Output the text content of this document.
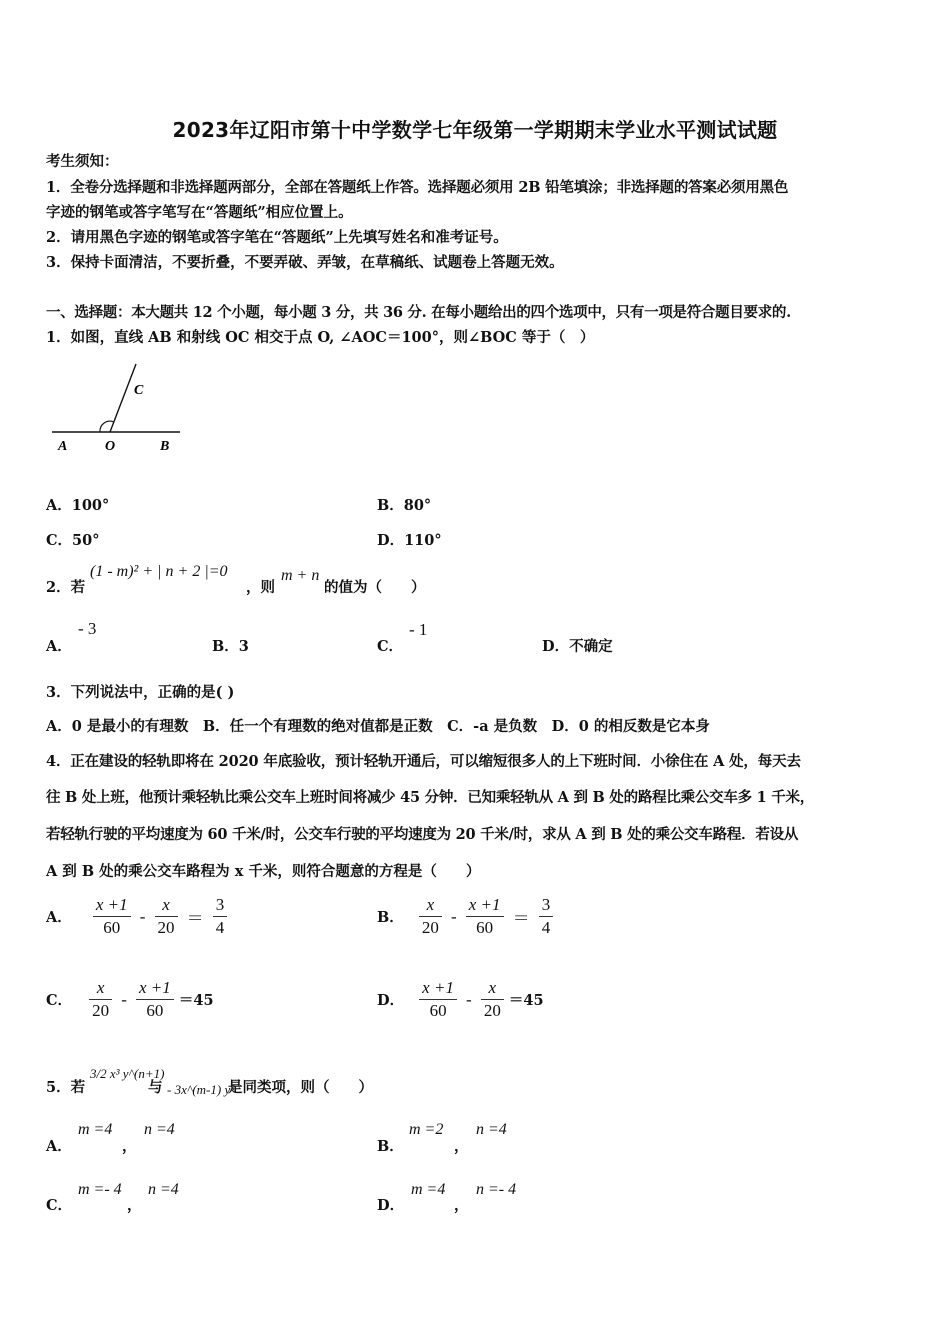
2023年辽阳市第十中学数学七年级第一学期期末学业水平测试试题
考生须知：
1．全卷分选择题和非选择题两部分，全部在答题纸上作答。选择题必须用 2B 铅笔填涂；非选择题的答案必须用黑色
字迹的钢笔或答字笔写在“答题纸”相应位置上。
2．请用黑色字迹的钢笔或答字笔在“答题纸”上先填写姓名和准考证号。
3．保持卡面清洁，不要折叠，不要弄破、弄皱，在草稿纸、试题卷上答题无效。
一、选择题：本大题共 12 个小题，每小题 3 分，共 36 分. 在每小题给出的四个选项中，只有一项是符合题目要求的.
1．如图，直线 AB 和射线 OC 相交于点 O, ∠AOC＝100°，则∠BOC 等于（　）
C
A	O	B
A．100°	B．80°
C．50°	D．110°
2．若
(1 - m)² + | n + 2 |=0
，则
m + n
的值为（　　）
A．
- 3
B．3	C．
- 1
D．不确定
3．下列说法中，正确的是( )
A．0 是最小的有理数　B．任一个有理数的绝对值都是正数　C．-a 是负数　D．0 的相反数是它本身
4．正在建设的轻轨即将在 2020 年底验收，预计轻轨开通后，可以缩短很多人的上下班时间．小徐住在 A 处，每天去
往 B 处上班，他预计乘轻轨比乘公交车上班时间将减少 45 分钟．已知乘轻轨从 A 到 B 处的路程比乘公交车多 1 千米，
若轻轨行驶的平均速度为 60 千米/时，公交车行驶的平均速度为 20 千米/时，求从 A 到 B 处的乘公交车路程．若设从
A 到 B 处的乘公交车路程为 x 千米，则符合题意的方程是（　　）
A． $\frac{x +1}{60} - \frac{x}{20} = \frac{3}{4}$	B． $\frac{x}{20} - \frac{x +1}{60} = \frac{3}{4}$
C． $\frac{x}{20} - \frac{x +1}{60} =45$	D． $\frac{x +1}{60} - \frac{x}{20} =45$
5．若
3/2 x³ y^(n+1)
与 - 3x^(m-1) y⁵
是同类项，则（　　）
A．
m =4
，
n =4
B．
m =2
，
n =4
C．
m =- 4
，
n =4
D．
m =4
，
n =- 4
